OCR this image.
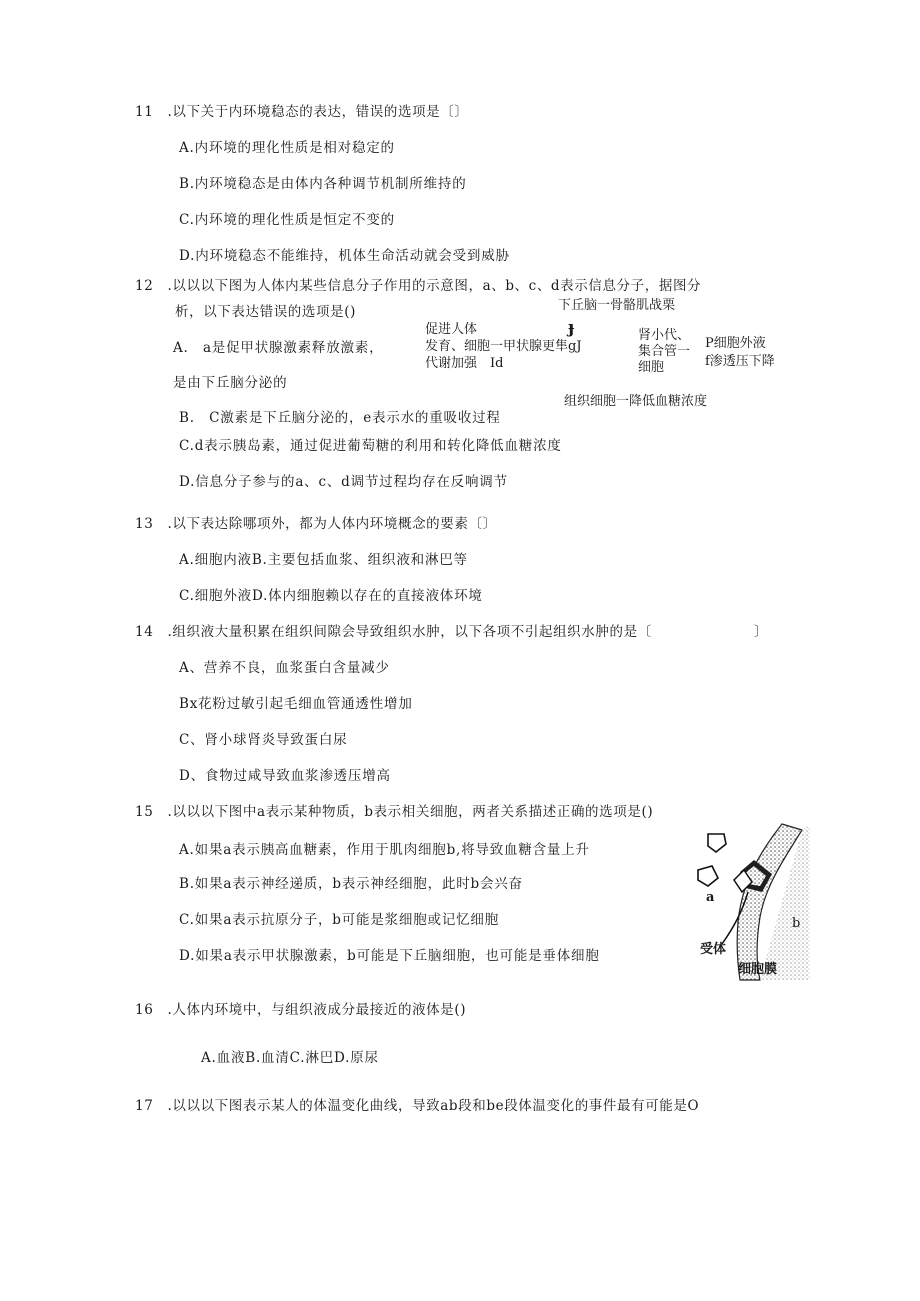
11　.以下关于内环境稳态的表达，错误的选项是〔〕
A.内环境的理化性质是相对稳定的
B.内环境稳态是由体内各种调节机制所维持的
C.内环境的理化性质是恒定不变的
D.内环境稳态不能维持，机体生命活动就会受到威胁
12　.以以以下图为人体内某些信息分子作用的示意图，a、b、c、d表示信息分子，据图分
析，以下表达错误的选项是()	下丘脑一骨骼肌战栗
ɟ
促进人体
发育、细胞一甲状腺更隼gJ
代谢加强　Id
肾小代、
集合管一
细胞
P细胞外液
f渗透压下降
组织细胞一降低血糖浓度
A.　a是促甲状腺激素释放激素，
是由下丘脑分泌的
B.　C激素是下丘脑分泌的，e表示水的重吸收过程
C.d表示胰岛素，通过促进葡萄糖的利用和转化降低血糖浓度
D.信息分子参与的a、c、d调节过程均存在反响调节
13　.以下表达除哪项外，都为人体内环境概念的要素〔〕
A.细胞内液B.主要包括血浆、组织液和淋巴等
C.细胞外液D.体内细胞赖以存在的直接液体环境
14　.组织液大量积累在组织间隙会导致组织水肿，以下各项不引起组织水肿的是〔	〕
A、营养不良，血浆蛋白含量减少
Bx花粉过敏引起毛细血管通透性增加
C、肾小球肾炎导致蛋白尿
D、食物过咸导致血浆渗透压增高
15　.以以以下图中a表示某种物质，b表示相关细胞，两者关系描述正确的选项是()
A.如果a表示胰高血糖素，作用于肌肉细胞b,将导致血糖含量上升
B.如果a表示神经递质，b表示神经细胞，此时b会兴奋
C.如果a表示抗原分子，b可能是浆细胞或记忆细胞
D.如果a表示甲状腺激素，b可能是下丘脑细胞，也可能是垂体细胞
a
b
受体
细胞膜
16　.人体内环境中，与组织液成分最接近的液体是()
A.血液B.血清C.淋巴D.原尿
17　.以以以下图表示某人的体温变化曲线，导致ab段和be段体温变化的事件最有可能是O
